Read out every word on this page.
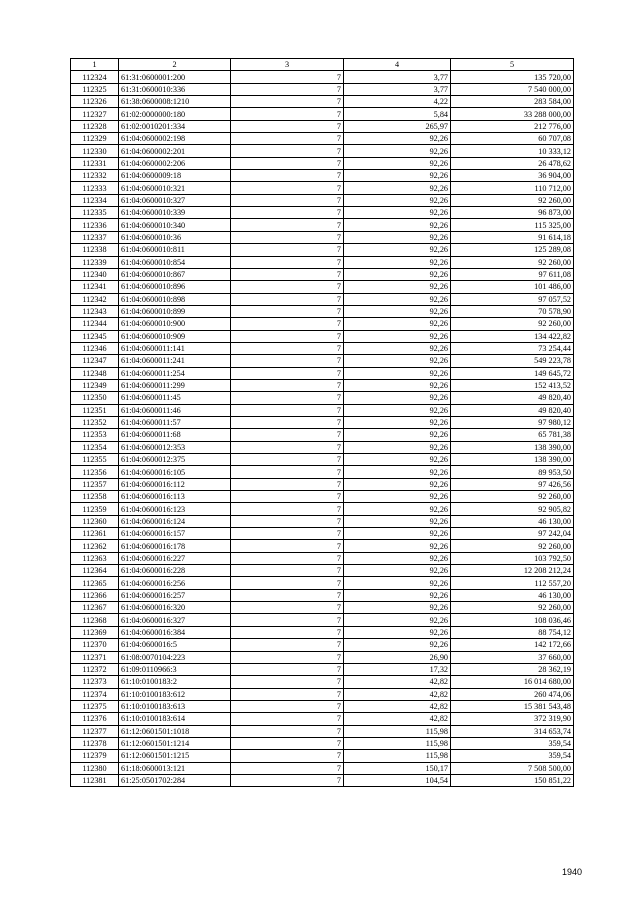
1	2	3	4	5
112324	61:31:0600001:200	7	3,77	135 720,00
112325	61:31:0600010:336	7	3,77	7 540 000,00
112326	61:38:0600008:1210	7	4,22	283 584,00
112327	61:02:0000000:180	7	5,84	33 288 000,00
112328	61:02:0010201:334	7	265,97	212 776,00
112329	61:04:0600002:198	7	92,26	60 707,08
112330	61:04:0600002:201	7	92,26	10 333,12
112331	61:04:0600002:206	7	92,26	26 478,62
112332	61:04:0600009:18	7	92,26	36 904,00
112333	61:04:0600010:321	7	92,26	110 712,00
112334	61:04:0600010:327	7	92,26	92 260,00
112335	61:04:0600010:339	7	92,26	96 873,00
112336	61:04:0600010:340	7	92,26	115 325,00
112337	61:04:0600010:36	7	92,26	91 614,18
112338	61:04:0600010:811	7	92,26	125 289,08
112339	61:04:0600010:854	7	92,26	92 260,00
112340	61:04:0600010:867	7	92,26	97 611,08
112341	61:04:0600010:896	7	92,26	101 486,00
112342	61:04:0600010:898	7	92,26	97 057,52
112343	61:04:0600010:899	7	92,26	70 578,90
112344	61:04:0600010:900	7	92,26	92 260,00
112345	61:04:0600010:909	7	92,26	134 422,82
112346	61:04:0600011:141	7	92,26	73 254,44
112347	61:04:0600011:241	7	92,26	549 223,78
112348	61:04:0600011:254	7	92,26	149 645,72
112349	61:04:0600011:299	7	92,26	152 413,52
112350	61:04:0600011:45	7	92,26	49 820,40
112351	61:04:0600011:46	7	92,26	49 820,40
112352	61:04:0600011:57	7	92,26	97 980,12
112353	61:04:0600011:68	7	92,26	65 781,38
112354	61:04:0600012:353	7	92,26	138 390,00
112355	61:04:0600012:375	7	92,26	138 390,00
112356	61:04:0600016:105	7	92,26	89 953,50
112357	61:04:0600016:112	7	92,26	97 426,56
112358	61:04:0600016:113	7	92,26	92 260,00
112359	61:04:0600016:123	7	92,26	92 905,82
112360	61:04:0600016:124	7	92,26	46 130,00
112361	61:04:0600016:157	7	92,26	97 242,04
112362	61:04:0600016:178	7	92,26	92 260,00
112363	61:04:0600016:227	7	92,26	103 792,50
112364	61:04:0600016:228	7	92,26	12 208 212,24
112365	61:04:0600016:256	7	92,26	112 557,20
112366	61:04:0600016:257	7	92,26	46 130,00
112367	61:04:0600016:320	7	92,26	92 260,00
112368	61:04:0600016:327	7	92,26	108 036,46
112369	61:04:0600016:384	7	92,26	88 754,12
112370	61:04:0600016:5	7	92,26	142 172,66
112371	61:08:0070104:223	7	26,90	37 660,00
112372	61:09:0110966:3	7	17,32	28 362,19
112373	61:10:0100183:2	7	42,82	16 014 680,00
112374	61:10:0100183:612	7	42,82	260 474,06
112375	61:10:0100183:613	7	42,82	15 381 543,48
112376	61:10:0100183:614	7	42,82	372 319,90
112377	61:12:0601501:1018	7	115,98	314 653,74
112378	61:12:0601501:1214	7	115,98	359,54
112379	61:12:0601501:1215	7	115,98	359,54
112380	61:18:0600013:121	7	150,17	7 508 500,00
112381	61:25:0501702:284	7	104,54	150 851,22
1940
